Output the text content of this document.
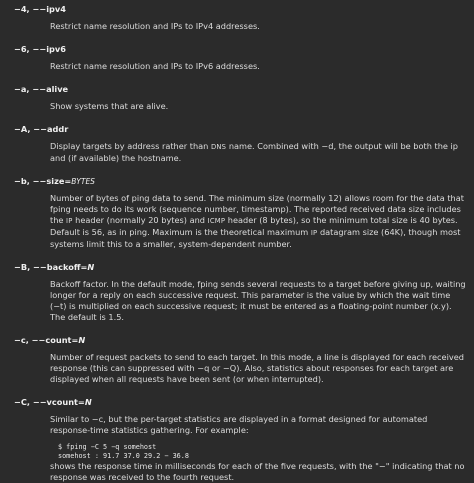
−4, −−ipv4

Restrict name resolution and IPs to IPv4 addresses.

−6, −−ipv6

Restrict name resolution and IPs to IPv6 addresses.

−a, −−alive

Show systems that are alive.

−A, −−addr

Display targets by address rather than DNS name. Combined with −d, the output will be both the ip and (if available) the hostname.

−b, −−size=BYTES

Number of bytes of ping data to send. The minimum size (normally 12) allows room for the data that fping needs to do its work (sequence number, timestamp). The reported received data size includes the IP header (normally 20 bytes) and ICMP header (8 bytes), so the minimum total size is 40 bytes. Default is 56, as in ping. Maximum is the theoretical maximum IP datagram size (64K), though most systems limit this to a smaller, system-dependent number.

−B, −−backoff=N

Backoff factor. In the default mode, fping sends several requests to a target before giving up, waiting longer for a reply on each successive request. This parameter is the value by which the wait time (−t) is multiplied on each successive request; it must be entered as a floating-point number (x.y). The default is 1.5.

−c, −−count=N

Number of request packets to send to each target. In this mode, a line is displayed for each received response (this can suppressed with −q or −Q). Also, statistics about responses for each target are displayed when all requests have been sent (or when interrupted).

−C, −−vcount=N

Similar to −c, but the per-target statistics are displayed in a format designed for automated response-time statistics gathering. For example:

$ fping −C 5 −q somehost
somehost : 91.7 37.0 29.2 − 36.8

shows the response time in milliseconds for each of the five requests, with the "−" indicating that no response was received to the fourth request.
